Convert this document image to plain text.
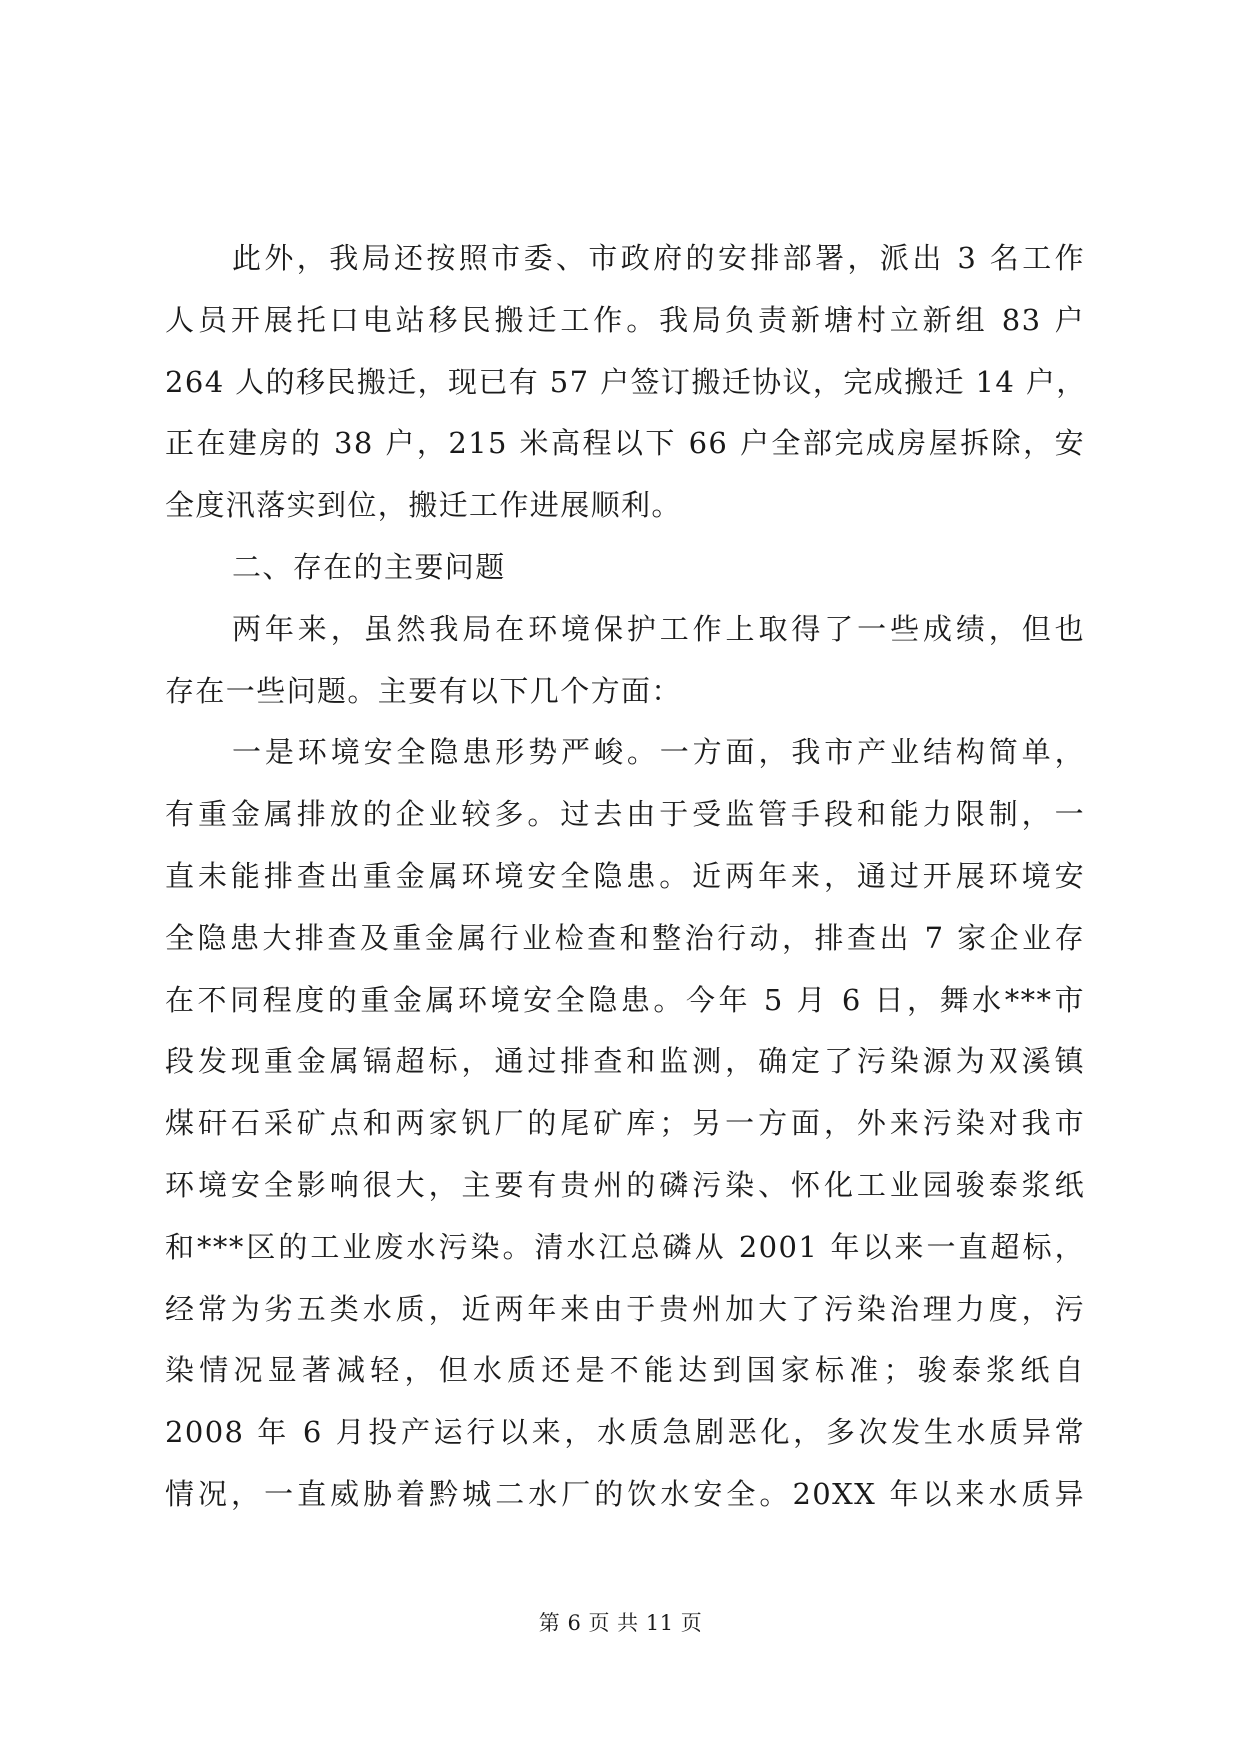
此外，我局还按照市委、市政府的安排部署，派出 3 名工作
人员开展托口电站移民搬迁工作。我局负责新塘村立新组 83 户
264 人的移民搬迁，现已有 57 户签订搬迁协议，完成搬迁 14 户，
正在建房的 38 户，215 米高程以下 66 户全部完成房屋拆除，安
全度汛落实到位，搬迁工作进展顺利。
二、存在的主要问题
两年来，虽然我局在环境保护工作上取得了一些成绩，但也
存在一些问题。主要有以下几个方面：
一是环境安全隐患形势严峻。一方面，我市产业结构简单，
有重金属排放的企业较多。过去由于受监管手段和能力限制，一
直未能排查出重金属环境安全隐患。近两年来，通过开展环境安
全隐患大排查及重金属行业检查和整治行动，排查出 7 家企业存
在不同程度的重金属环境安全隐患。今年 5 月 6 日，舞水***市
段发现重金属镉超标，通过排查和监测，确定了污染源为双溪镇
煤矸石采矿点和两家钒厂的尾矿库；另一方面，外来污染对我市
环境安全影响很大，主要有贵州的磷污染、怀化工业园骏泰浆纸
和***区的工业废水污染。清水江总磷从 2001 年以来一直超标，
经常为劣五类水质，近两年来由于贵州加大了污染治理力度，污
染情况显著减轻，但水质还是不能达到国家标准；骏泰浆纸自
2008 年 6 月投产运行以来，水质急剧恶化，多次发生水质异常
情况，一直威胁着黔城二水厂的饮水安全。20XX 年以来水质异
第 6 页 共 11 页
